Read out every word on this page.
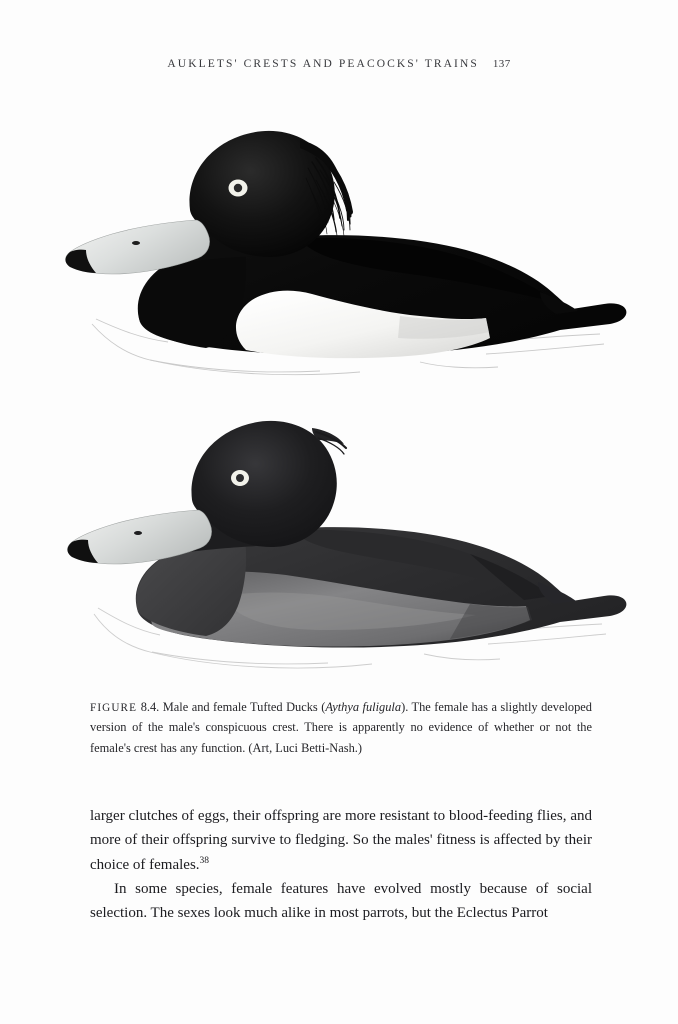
AUKLETS' CRESTS AND PEACOCKS' TRAINS 137
FIGURE 8.4. Male and female Tufted Ducks (Aythya fuligula). The female has a slightly developed version of the male's conspicuous crest. There is apparently no evidence of whether or not the female's crest has any function. (Art, Luci Betti-Nash.)

larger clutches of eggs, their offspring are more resistant to blood-feeding flies, and more of their offspring survive to fledging. So the males' fitness is affected by their choice of females.$^{38}$

In some species, female features have evolved mostly because of social selection. The sexes look much alike in most parrots, but the Eclectus Parrot
